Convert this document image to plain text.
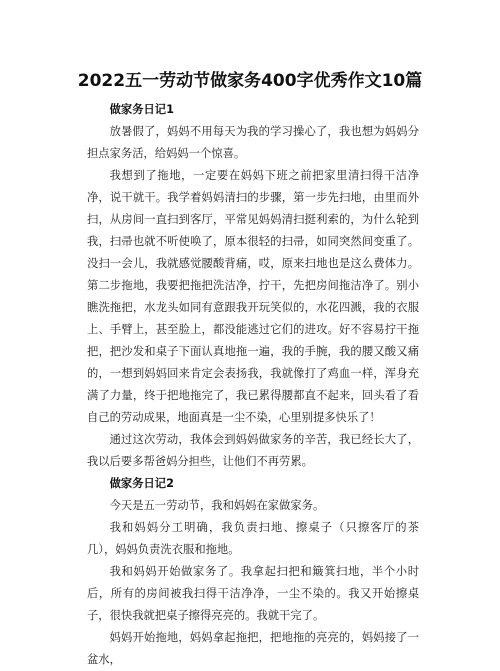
2022五一劳动节做家务400字优秀作文10篇

做家务日记1

放暑假了，妈妈不用每天为我的学习操心了，我也想为妈妈分担点家务活，给妈妈一个惊喜。

我想到了拖地，一定要在妈妈下班之前把家里清扫得干洁净净，说干就干。我学着妈妈清扫的步骤，第一步先扫地，由里而外扫，从房间一直扫到客厅，平常见妈妈清扫挺利索的，为什么轮到我，扫帚也就不听使唤了，原本很轻的扫帚，如同突然间变重了。没扫一会儿，我就感觉腰酸背痛，哎，原来扫地也是这么费体力。第二步拖地，我要把拖把洗洁净，拧干，先把房间拖洁净了。别小瞧洗拖把，水龙头如同有意跟我开玩笑似的，水花四溅，我的衣服上、手臂上，甚至脸上，都没能逃过它们的进攻。好不容易拧干拖把，把沙发和桌子下面认真地拖一遍，我的手腕，我的腰又酸又痛的，一想到妈妈回来肯定会表扬我，我就像打了鸡血一样，浑身充满了力量，终于把地拖完了，我已累得腰都直不起来，回头看了看自己的劳动成果，地面真是一尘不染，心里别提多快乐了！

通过这次劳动，我体会到妈妈做家务的辛苦，我已经长大了，我以后要多帮爸妈分担些，让他们不再劳累。

做家务日记2

今天是五一劳动节，我和妈妈在家做家务。

我和妈妈分工明确，我负责扫地、擦桌子（只擦客厅的茶几），妈妈负责洗衣服和拖地。

我和妈妈开始做家务了。我拿起扫把和簸箕扫地，半个小时后，所有的房间被我扫得干洁净净，一尘不染的。我又开始擦桌子，很快我就把桌子擦得亮亮的。我就干完了。

妈妈开始拖地，妈妈拿起拖把，把地拖的亮亮的，妈妈接了一盆水，
